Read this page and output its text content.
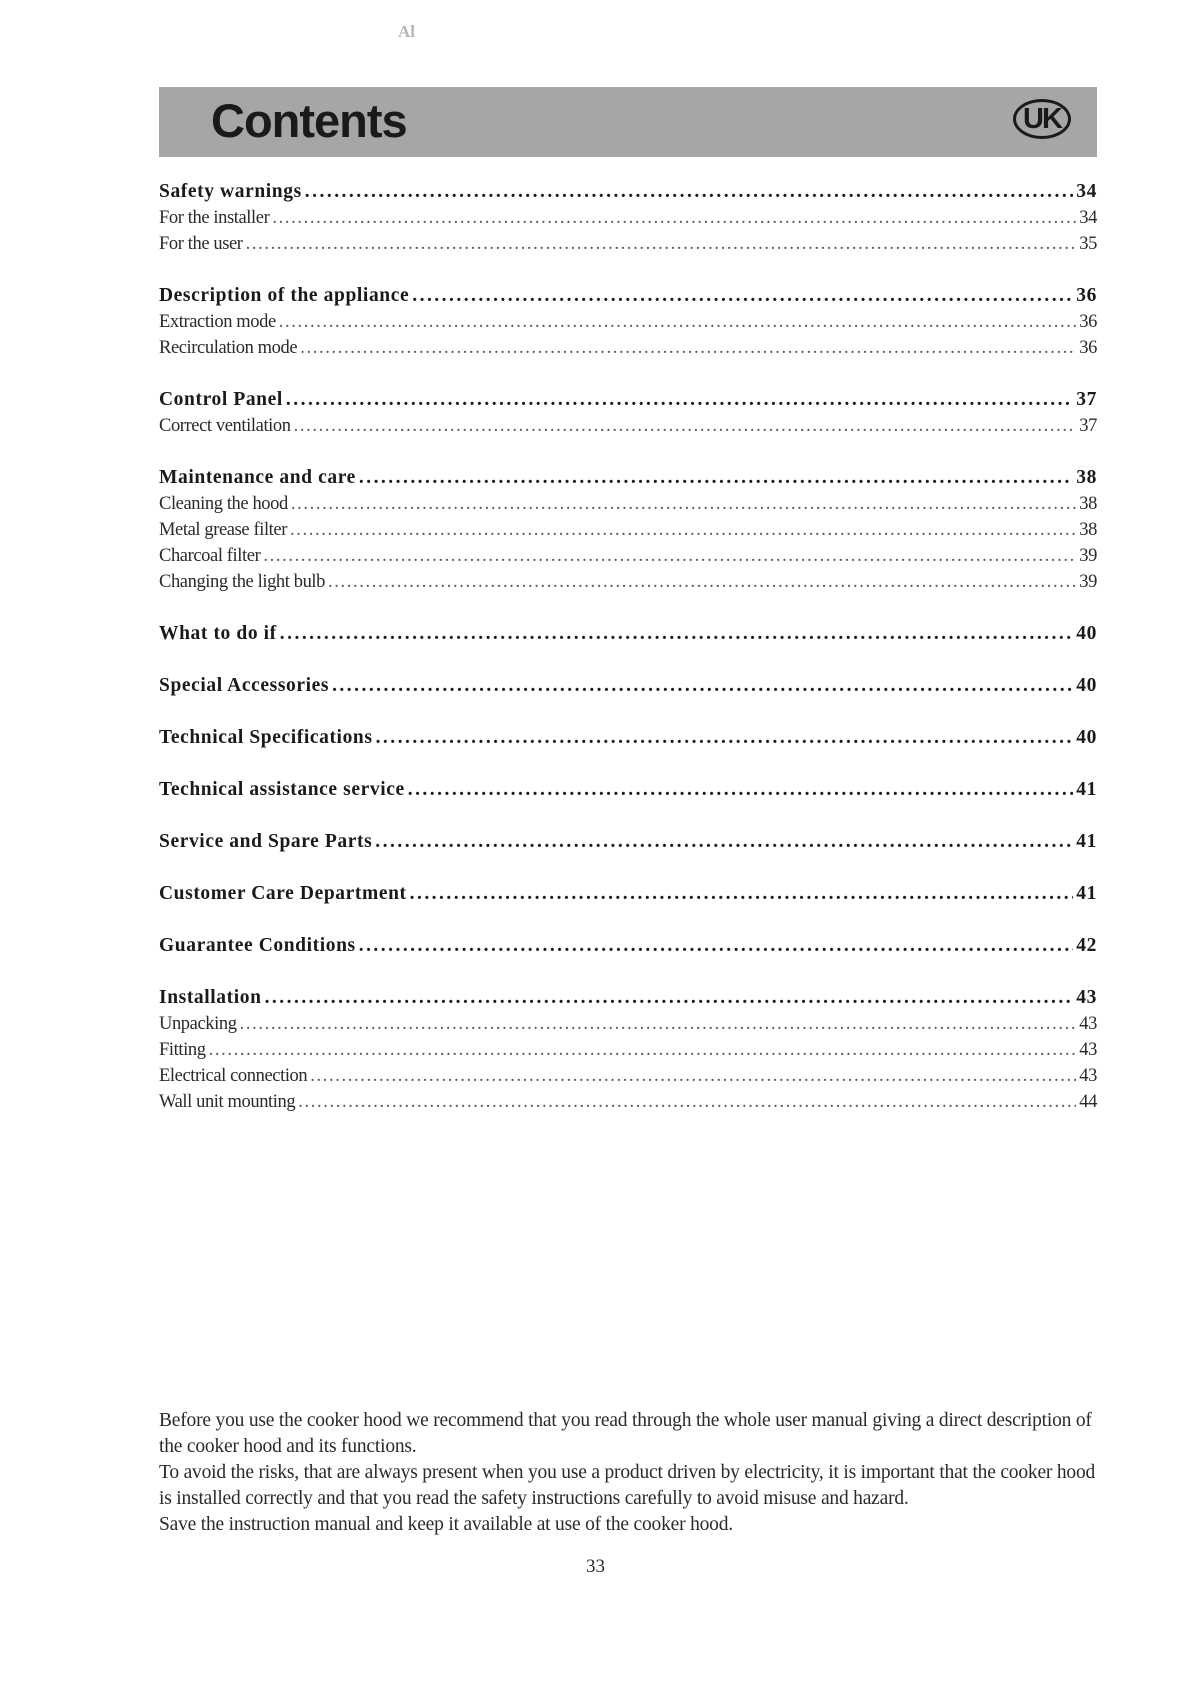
Al
Contents	UK
Safety warnings . . .	34
For the installer . . .	34
For the user . . .	35
Description of the appliance . . .	36
Extraction mode . . .	36
Recirculation mode . . .	36
Control Panel . . .	37
Correct ventilation . . .	37
Maintenance and care . . .	38
Cleaning the hood . . .	38
Metal grease filter . . .	38
Charcoal filter . . .	39
Changing the light bulb . . .	39
What to do if . . .	40
Special Accessories . . .	40
Technical Specifications . . .	40
Technical assistance service . . .	41
Service and Spare Parts . . .	41
Customer Care Department . . .	41
Guarantee Conditions . . .	42
Installation . . .	43
Unpacking . . .	43
Fitting . . .	43
Electrical connection . . .	43
Wall unit mounting . . .	44

Before you use the cooker hood we recommend that you read through the whole user manual giving a direct description of the cooker hood and its functions.

To avoid the risks, that are always present when you use a product driven by electricity, it is important that the cooker hood is installed correctly and that you read the safety instructions carefully to avoid misuse and hazard.

Save the instruction manual and keep it available at use of the cooker hood.

33
